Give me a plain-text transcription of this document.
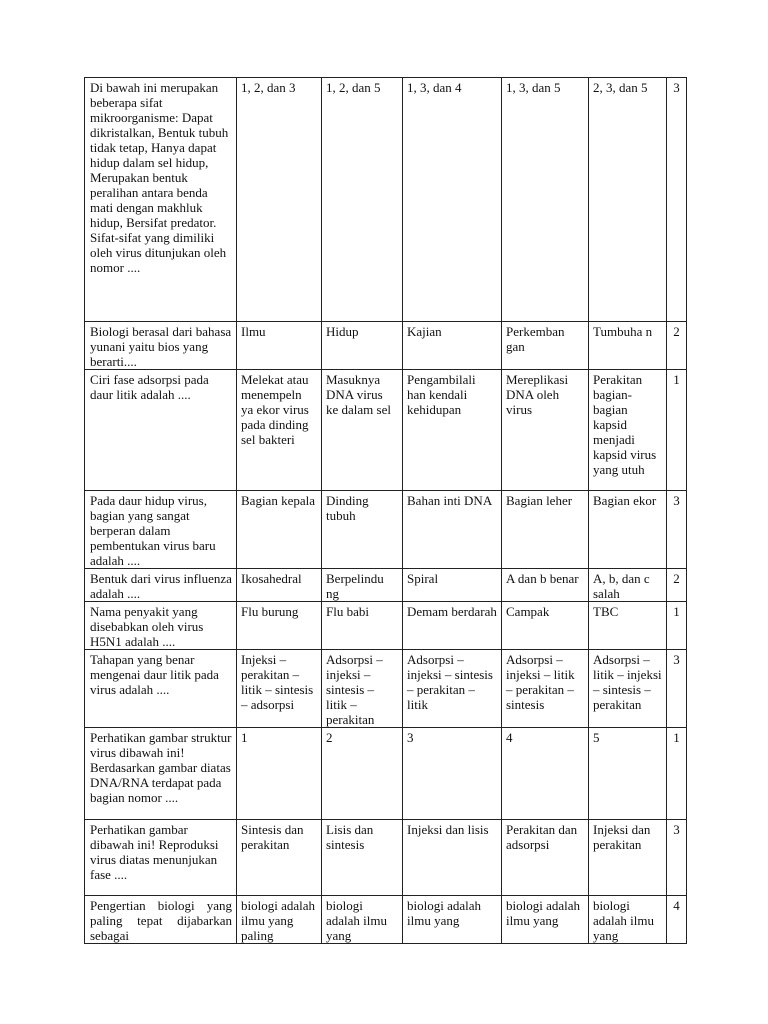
Di bawah ini merupakan beberapa sifat mikroorganisme: Dapat dikristalkan, Bentuk tubuh tidak tetap, Hanya dapat hidup dalam sel hidup, Merupakan bentuk peralihan antara benda mati dengan makhluk hidup, Bersifat predator. Sifat-sifat yang dimiliki oleh virus ditunjukan oleh nomor ....	1, 2, dan 3	1, 2, dan 5	1, 3, dan 4	1, 3, dan 5	2, 3, dan 5	3
Biologi berasal dari bahasa yunani yaitu bios yang berarti....	Ilmu	Hidup	Kajian	Perkemban gan	Tumbuha n	2
Ciri fase adsorpsi pada daur litik adalah ....	Melekat atau menempeln ya ekor virus pada dinding sel bakteri	Masuknya DNA virus ke dalam sel	Pengambilali han kendali kehidupan	Mereplikasi DNA oleh virus	Perakitan bagian-bagian kapsid menjadi kapsid virus yang utuh	1
Pada daur hidup virus, bagian yang sangat berperan dalam pembentukan virus baru adalah ....	Bagian kepala	Dinding tubuh	Bahan inti DNA	Bagian leher	Bagian ekor	3
Bentuk dari virus influenza adalah ....	Ikosahedral	Berpelindu ng	Spiral	A dan b benar	A, b, dan c salah	2
Nama penyakit yang disebabkan oleh virus H5N1 adalah ....	Flu burung	Flu babi	Demam berdarah	Campak	TBC	1
Tahapan yang benar mengenai daur litik pada virus adalah ....	Injeksi – perakitan – litik – sintesis – adsorpsi	Adsorpsi – injeksi – sintesis – litik – perakitan	Adsorpsi – injeksi – sintesis – perakitan – litik	Adsorpsi – injeksi – litik – perakitan – sintesis	Adsorpsi – litik – injeksi – sintesis – perakitan	3
Perhatikan gambar struktur virus dibawah ini! Berdasarkan gambar diatas DNA/RNA terdapat pada bagian nomor ....	1	2	3	4	5	1
Perhatikan gambar dibawah ini! Reproduksi virus diatas menunjukan fase ....	Sintesis dan perakitan	Lisis dan sintesis	Injeksi dan lisis	Perakitan dan adsorpsi	Injeksi dan perakitan	3
Pengertian biologi yang paling tepat dijabarkan sebagai	biologi adalah ilmu yang paling	biologi adalah ilmu yang	biologi adalah ilmu yang	biologi adalah ilmu yang	biologi adalah ilmu yang	4
